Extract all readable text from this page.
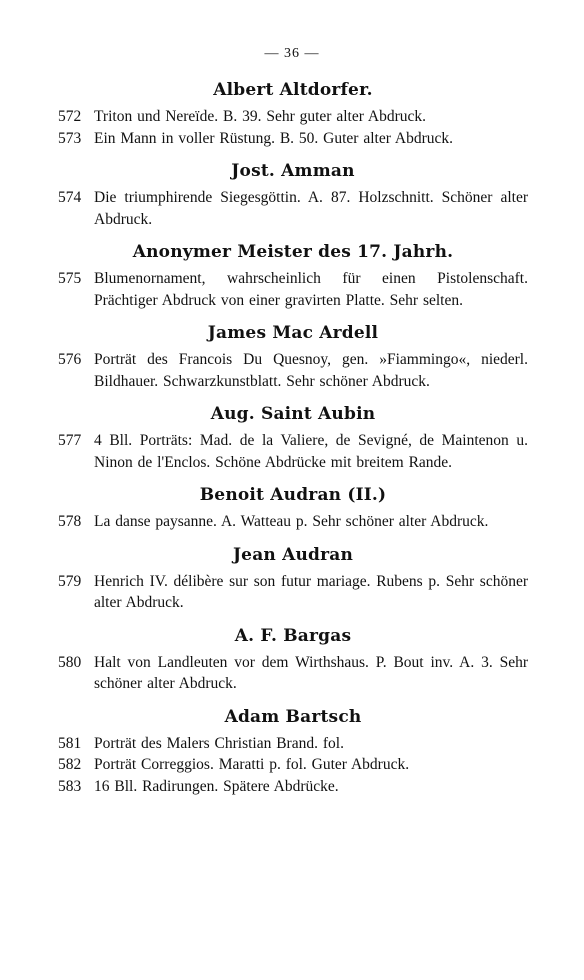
— 36 —
Albert Altdorfer.
572 Triton und Nereïde. B. 39. Sehr guter alter Abdruck.
573 Ein Mann in voller Rüstung. B. 50. Guter alter Abdruck.
Jost. Amman
574 Die triumphirende Siegesgöttin. A. 87. Holzschnitt. Schöner alter Abdruck.
Anonymer Meister des 17. Jahrh.
575 Blumenornament, wahrscheinlich für einen Pistolenschaft. Prächtiger Abdruck von einer gravirten Platte. Sehr selten.
James Mac Ardell
576 Porträt des Francois Du Quesnoy, gen. »Fiammingo«, niederl. Bildhauer. Schwarzkunstblatt. Sehr schöner Abdruck.
Aug. Saint Aubin
577 4 Bll. Porträts: Mad. de la Valiere, de Sevigné, de Maintenon u. Ninon de l'Enclos. Schöne Abdrücke mit breitem Rande.
Benoit Audran (II.)
578 La danse paysanne. A. Watteau p. Sehr schöner alter Abdruck.
Jean Audran
579 Henrich IV. délibère sur son futur mariage. Rubens p. Sehr schöner alter Abdruck.
A. F. Bargas
580 Halt von Landleuten vor dem Wirthshaus. P. Bout inv. A. 3. Sehr schöner alter Abdruck.
Adam Bartsch
581 Porträt des Malers Christian Brand. fol.
582 Porträt Correggios. Maratti p. fol. Guter Abdruck.
583 16 Bll. Radirungen. Spätere Abdrücke.
